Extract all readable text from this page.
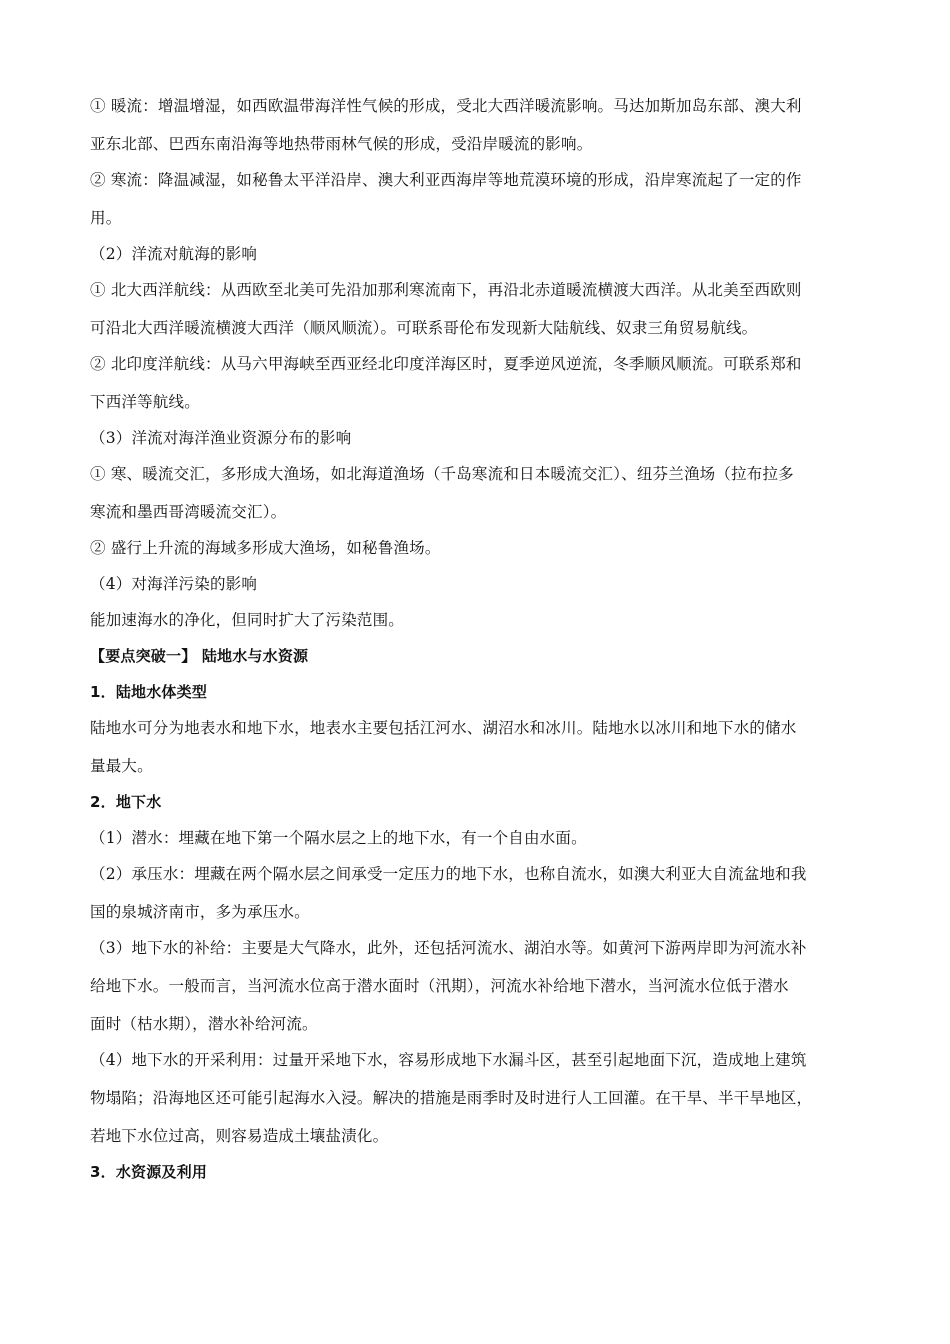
① 暖流：增温增湿，如西欧温带海洋性气候的形成，受北大西洋暖流影响。马达加斯加岛东部、澳大利

亚东北部、巴西东南沿海等地热带雨林气候的形成，受沿岸暖流的影响。

② 寒流：降温减湿，如秘鲁太平洋沿岸、澳大利亚西海岸等地荒漠环境的形成，沿岸寒流起了一定的作

用。

（2）洋流对航海的影响

① 北大西洋航线：从西欧至北美可先沿加那利寒流南下，再沿北赤道暖流横渡大西洋。从北美至西欧则

可沿北大西洋暖流横渡大西洋（顺风顺流）。可联系哥伦布发现新大陆航线、奴隶三角贸易航线。

② 北印度洋航线：从马六甲海峡至西亚经北印度洋海区时，夏季逆风逆流，冬季顺风顺流。可联系郑和

下西洋等航线。

（3）洋流对海洋渔业资源分布的影响

① 寒、暖流交汇，多形成大渔场，如北海道渔场（千岛寒流和日本暖流交汇）、纽芬兰渔场（拉布拉多

寒流和墨西哥湾暖流交汇）。

② 盛行上升流的海域多形成大渔场，如秘鲁渔场。

（4）对海洋污染的影响

能加速海水的净化，但同时扩大了污染范围。

【要点突破一】 陆地水与水资源

1．陆地水体类型

陆地水可分为地表水和地下水，地表水主要包括江河水、湖沼水和冰川。陆地水以冰川和地下水的储水

量最大。

2．地下水

（1）潜水：埋藏在地下第一个隔水层之上的地下水，有一个自由水面。

（2）承压水：埋藏在两个隔水层之间承受一定压力的地下水，也称自流水，如澳大利亚大自流盆地和我

国的泉城济南市，多为承压水。

（3）地下水的补给：主要是大气降水，此外，还包括河流水、湖泊水等。如黄河下游两岸即为河流水补

给地下水。一般而言，当河流水位高于潜水面时（汛期），河流水补给地下潜水，当河流水位低于潜水

面时（枯水期），潜水补给河流。

（4）地下水的开采利用：过量开采地下水，容易形成地下水漏斗区，甚至引起地面下沉，造成地上建筑

物塌陷；沿海地区还可能引起海水入浸。解决的措施是雨季时及时进行人工回灌。在干旱、半干旱地区，

若地下水位过高，则容易造成土壤盐渍化。

3．水资源及利用
